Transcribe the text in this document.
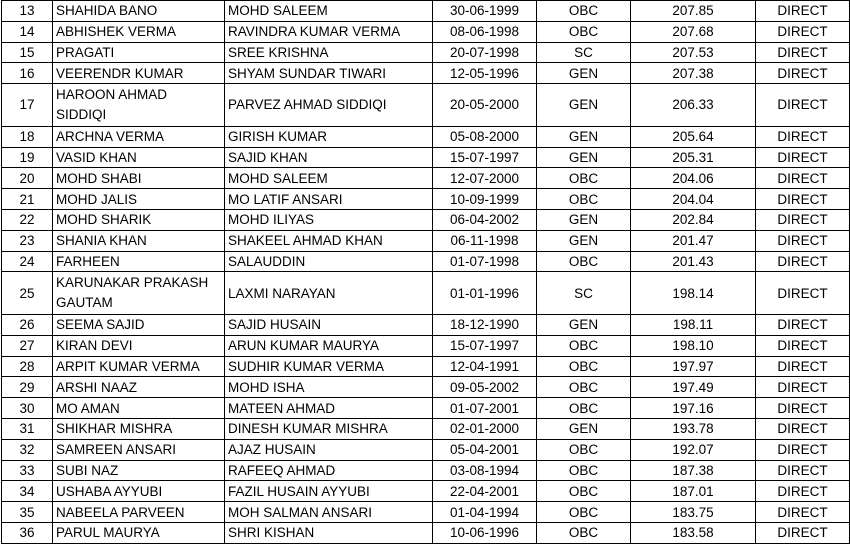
13	SHAHIDA BANO	MOHD SALEEM	30-06-1999	OBC	207.85	DIRECT
14	ABHISHEK VERMA	RAVINDRA KUMAR VERMA	08-06-1998	OBC	207.68	DIRECT
15	PRAGATI	SREE KRISHNA	20-07-1998	SC	207.53	DIRECT
16	VEERENDR KUMAR	SHYAM SUNDAR TIWARI	12-05-1996	GEN	207.38	DIRECT
17	HAROON AHMAD SIDDIQI	PARVEZ AHMAD SIDDIQI	20-05-2000	GEN	206.33	DIRECT
18	ARCHNA VERMA	GIRISH KUMAR	05-08-2000	GEN	205.64	DIRECT
19	VASID KHAN	SAJID KHAN	15-07-1997	GEN	205.31	DIRECT
20	MOHD SHABI	MOHD SALEEM	12-07-2000	OBC	204.06	DIRECT
21	MOHD JALIS	MO LATIF ANSARI	10-09-1999	OBC	204.04	DIRECT
22	MOHD SHARIK	MOHD ILIYAS	06-04-2002	GEN	202.84	DIRECT
23	SHANIA KHAN	SHAKEEL AHMAD KHAN	06-11-1998	GEN	201.47	DIRECT
24	FARHEEN	SALAUDDIN	01-07-1998	OBC	201.43	DIRECT
25	KARUNAKAR PRAKASH GAUTAM	LAXMI NARAYAN	01-01-1996	SC	198.14	DIRECT
26	SEEMA SAJID	SAJID HUSAIN	18-12-1990	GEN	198.11	DIRECT
27	KIRAN DEVI	ARUN KUMAR MAURYA	15-07-1997	OBC	198.10	DIRECT
28	ARPIT KUMAR VERMA	SUDHIR KUMAR VERMA	12-04-1991	OBC	197.97	DIRECT
29	ARSHI NAAZ	MOHD ISHA	09-05-2002	OBC	197.49	DIRECT
30	MO AMAN	MATEEN AHMAD	01-07-2001	OBC	197.16	DIRECT
31	SHIKHAR MISHRA	DINESH KUMAR MISHRA	02-01-2000	GEN	193.78	DIRECT
32	SAMREEN ANSARI	AJAZ HUSAIN	05-04-2001	OBC	192.07	DIRECT
33	SUBI NAZ	RAFEEQ AHMAD	03-08-1994	OBC	187.38	DIRECT
34	USHABA AYYUBI	FAZIL HUSAIN AYYUBI	22-04-2001	OBC	187.01	DIRECT
35	NABEELA PARVEEN	MOH SALMAN ANSARI	01-04-1994	OBC	183.75	DIRECT
36	PARUL MAURYA	SHRI KISHAN	10-06-1996	OBC	183.58	DIRECT
